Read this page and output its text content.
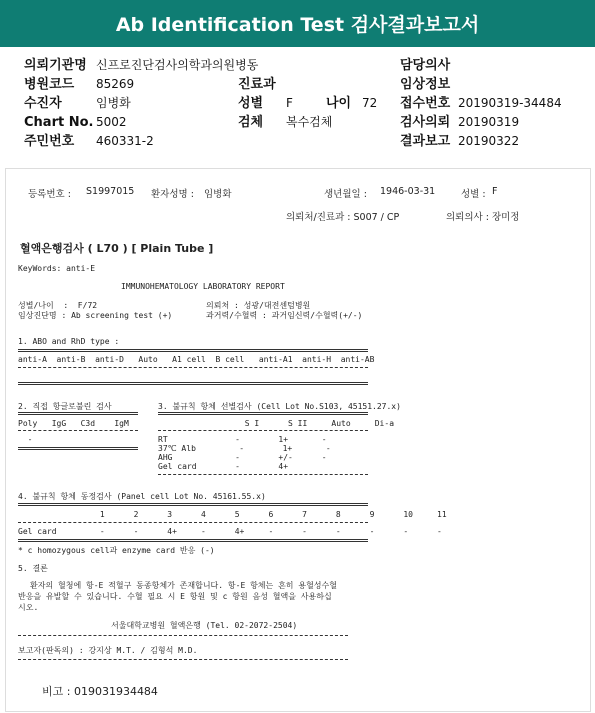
Ab Identification Test 검사결과보고서
의뢰기관명 신프로진단검사의학과의원병동	담당의사
병원코드 85269	진료과	임상정보
수진자	임병화	성별 F	나이 72 접수번호 20190319-34484
Chart No. 5002	검체 복수검체	검사의뢰 20190319
주민번호 460331-2	결과보고 20190322
등록번호 : S1997015 환자성명 : 임병화	생년월일 : 1946-03-31	성별 : F
의뢰처/진료과 : S007 / CP	의뢰의사 : 장미정
혈액은행검사 ( L70 ) [ Plain Tube ]
KeyWords: anti-E
IMMUNOHEMATOLOGY LABORATORY REPORT
성별/나이  :  F/72
임상진단명 : Ab screening test (+)
의뢰처 : 성광/대전센텀병원
과거력/수혈력 : 과거임신력/수혈력(+/-)
1. ABO and RhD type :
anti-A  anti-B  anti-D   Auto   A1 cell  B cell   anti-A1  anti-H  anti-AB
2. 직접 항글로불린 검사
Poly   IgG   C3d    IgM
-
3. 불규칙 항체 선별검사 (Cell Lot No.S103, 45151.27.x)
S I      S II     Auto     Di-a
RT              -        1+       -
37℃ Alb         -        1+       -
AHG             -        +/-      -
Gel card        -        4+
4. 불규칙 항체 동정검사 (Panel cell Lot No. 45161.55.x)
1      2      3      4      5      6      7      8      9      10     11
Gel card         -      -      4+     -      4+     -      -      -      -      -      -
* c homozygous cell과 enzyme card 반응 (-)
5. 결론
환자의 혈청에 항-E 적혈구 동종항체가 존재합니다. 항-E 항체는 흔히 용혈성수혈
반응을 유발할 수 있습니다. 수혈 필요 시 E 항원 및 c 항원 음성 혈액을 사용하십
시오.
서울대학교병원 혈액은행 (Tel. 02-2072-2504)
보고자(판독의) : 강지상 M.T. / 김형석 M.D.
비고 : 019031934484
